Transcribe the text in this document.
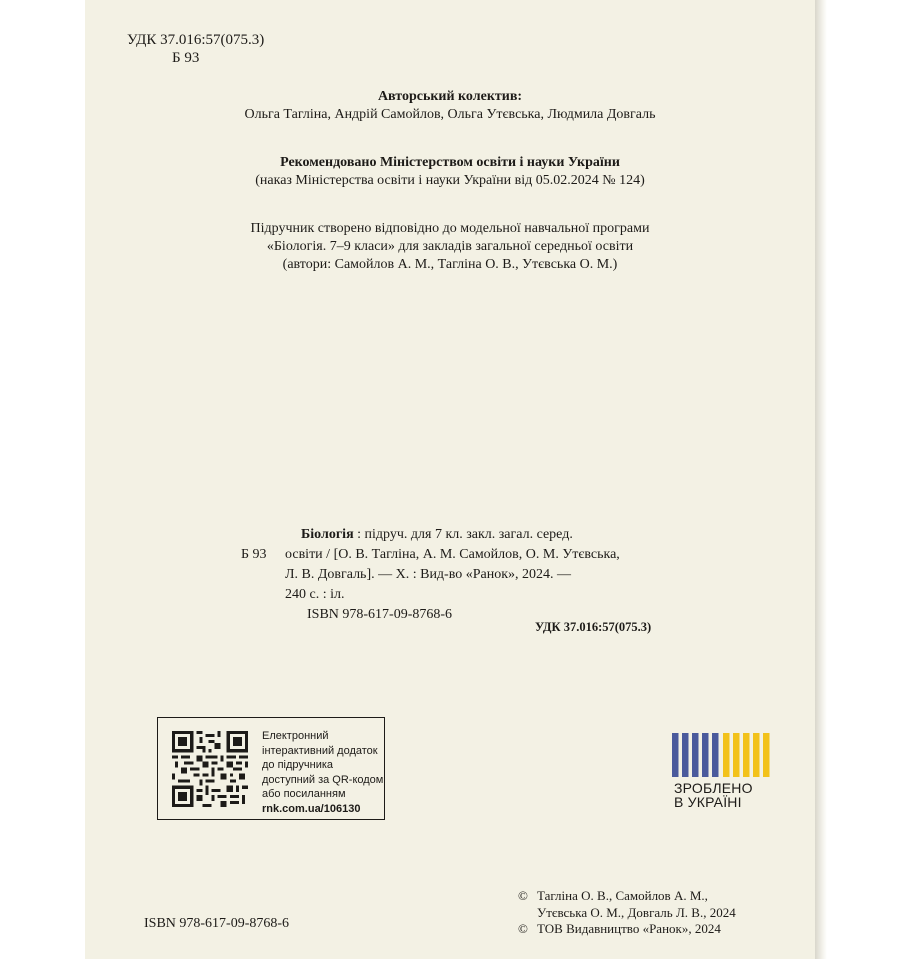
УДК 37.016:57(075.3)
Б 93
Авторський колектив:
Ольга Тагліна, Андрій Самойлов, Ольга Утєвська, Людмила Довгаль
Рекомендовано Міністерством освіти і науки України
(наказ Міністерства освіти і науки України від 05.02.2024 № 124)
Підручник створено відповідно до модельної навчальної програми
«Біологія. 7–9 класи» для закладів загальної середньої освіти
(автори: Самойлов А. М., Тагліна О. В., Утєвська О. М.)
Біологія : підруч. для 7 кл. закл. загал. серед.
Б 93 освіти / [О. В. Тагліна, А. М. Самойлов, О. М. Утєвська,
Л. В. Довгаль]. — Х. : Вид-во «Ранок», 2024. —
240 с. : іл.
ISBN 978-617-09-8768-6
УДК 37.016:57(075.3)
Електронний
інтерактивний додаток
до підручника
доступний за QR-кодом
або посиланням
rnk.com.ua/106130
ЗРОБЛЕНО
В УКРАЇНІ
ISBN 978-617-09-8768-6
© Тагліна О. В., Самойлов А. М.,
Утєвська О. М., Довгаль Л. В., 2024
© ТОВ Видавництво «Ранок», 2024
